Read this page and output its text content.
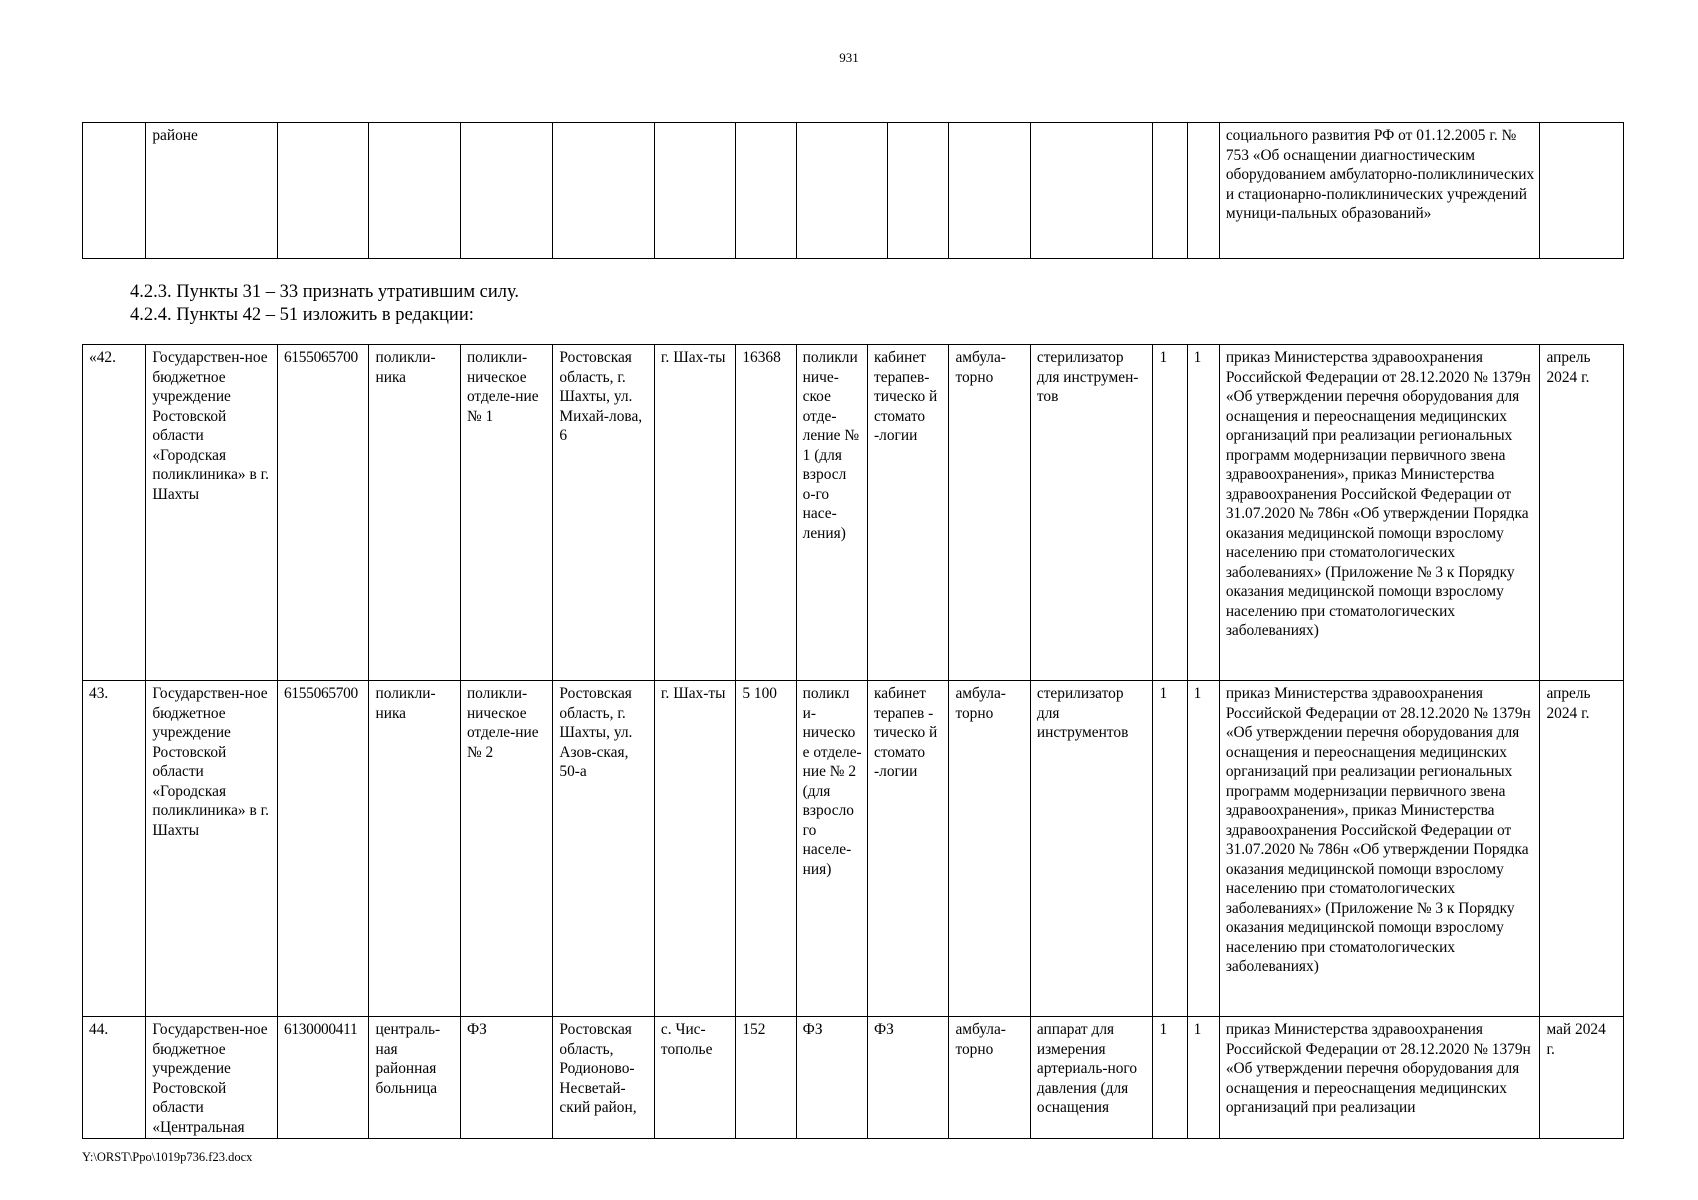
931
	районе													социального развития РФ от 01.12.2005 г. № 753 «Об оснащении диагностическим оборудованием амбулаторно-поликлинических и стационарно-поликлинических учреждений муници-пальных образований»	
4.2.3. Пункты 31 – 33 признать утратившим силу.
4.2.4. Пункты 42 – 51 изложить в редакции:
«42.	Государствен-ное бюджетное учреждение Ростовской области «Городская поликлиника» в г. Шахты	6155065700	поликли-ника	поликли-ническое отделе-ние № 1	Ростовская область, г. Шахты, ул. Михай-лова, 6	г. Шах-ты	16368	поликлиниче-ское отде-ление № 1 (для взросл о-го насе-ления)	кабинет терапев-тическо й стомато -логии	амбула-торно	стерилизатор для инструмен-тов	1	1	приказ Министерства здравоохранения Российской Федерации от 28.12.2020 № 1379н «Об утверждении перечня оборудования для оснащения и переоснащения медицинских организаций при реализации региональных программ модернизации первичного звена здравоохранения», приказ Министерства здравоохранения Российской Федерации от 31.07.2020 № 786н «Об утверждении Порядка оказания медицинской помощи взрослому населению при стоматологических заболеваниях» (Приложение № 3 к Порядку оказания медицинской помощи взрослому населению при стоматологических заболеваниях)	апрель 2024 г.
43.	Государствен-ное бюджетное учреждение Ростовской области «Городская поликлиника» в г. Шахты	6155065700	поликли-ника	поликли-ническое отделе-ние № 2	Ростовская область, г. Шахты, ул. Азов-ская, 50-а	г. Шах-ты	5 100	поликл и-ническо е отделе-ние № 2 (для взросло го населе-ния)	кабинет терапев - тическо й стомато -логии	амбула-торно	стерилизатор для инструментов	1	1	приказ Министерства здравоохранения Российской Федерации от 28.12.2020 № 1379н «Об утверждении перечня оборудования для оснащения и переоснащения медицинских организаций при реализации региональных программ модернизации первичного звена здравоохранения», приказ Министерства здравоохранения Российской Федерации от 31.07.2020 № 786н «Об утверждении Порядка оказания медицинской помощи взрослому населению при стоматологических заболеваниях» (Приложение № 3 к Порядку оказания медицинской помощи взрослому населению при стоматологических заболеваниях)	апрель 2024 г.
44.	Государствен-ное бюджетное учреждение Ростовской области «Центральная	6130000411	централь-ная районная больница	ФЗ	Ростовская область, Родионово-Несветай-ский район,	с. Чис-тополье	152	ФЗ	ФЗ	амбула-торно	аппарат для измерения артериаль-ного давления (для оснащения	1	1	приказ Министерства здравоохранения Российской Федерации от 28.12.2020 № 1379н «Об утверждении перечня оборудования для оснащения и переоснащения медицинских организаций при реализации	май 2024 г.
Y:\ORST\Ppo\1019p736.f23.docx
